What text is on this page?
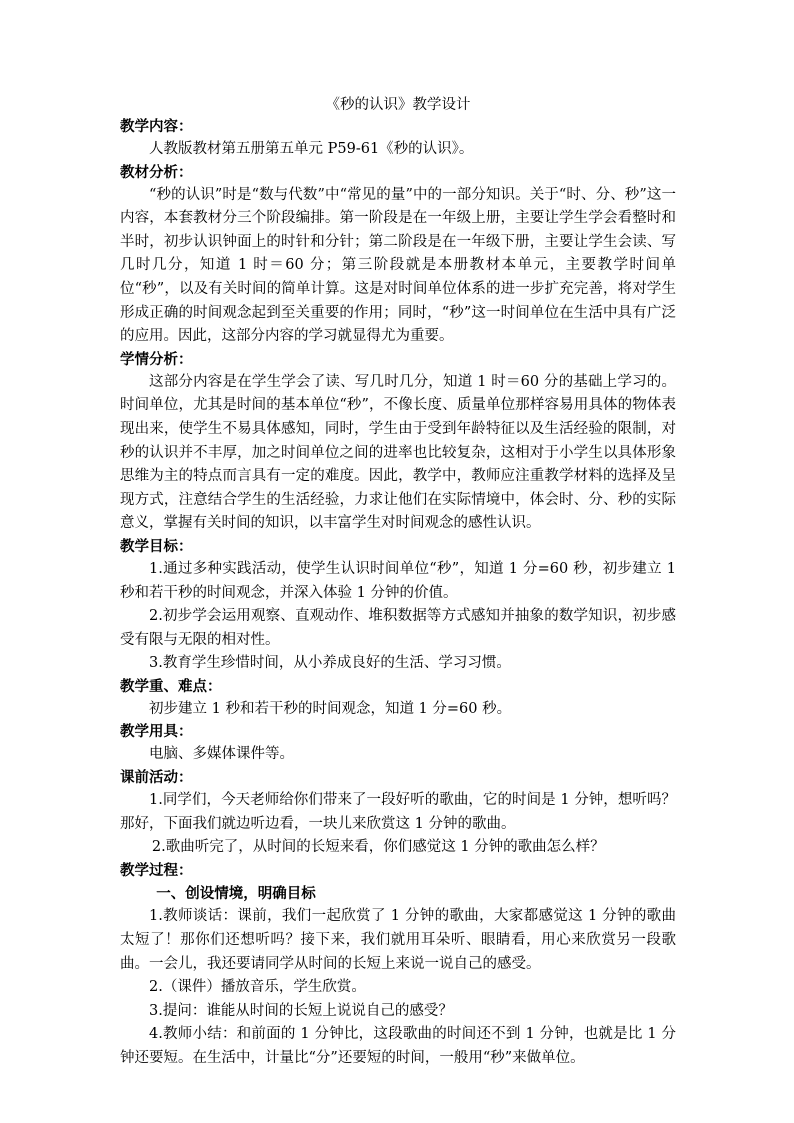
《秒的认识》教学设计

教学内容：

人教版教材第五册第五单元 P59-61《秒的认识》。

教材分析：

“秒的认识”时是“数与代数”中“常见的量”中的一部分知识。关于“时、分、秒”这一内容，本套教材分三个阶段编排。第一阶段是在一年级上册，主要让学生学会看整时和半时，初步认识钟面上的时针和分针；第二阶段是在一年级下册，主要让学生会读、写几时几分，知道 1 时＝60 分；第三阶段就是本册教材本单元，主要教学时间单位“秒”，以及有关时间的简单计算。这是对时间单位体系的进一步扩充完善，将对学生形成正确的时间观念起到至关重要的作用；同时，“秒”这一时间单位在生活中具有广泛的应用。因此，这部分内容的学习就显得尤为重要。

学情分析：

这部分内容是在学生学会了读、写几时几分，知道 1 时＝60 分的基础上学习的。时间单位，尤其是时间的基本单位“秒”，不像长度、质量单位那样容易用具体的物体表现出来，使学生不易具体感知，同时，学生由于受到年龄特征以及生活经验的限制，对秒的认识并不丰厚，加之时间单位之间的进率也比较复杂，这相对于小学生以具体形象思维为主的特点而言具有一定的难度。因此，教学中，教师应注重教学材料的选择及呈现方式，注意结合学生的生活经验，力求让他们在实际情境中，体会时、分、秒的实际意义，掌握有关时间的知识，以丰富学生对时间观念的感性认识。

教学目标：

1.通过多种实践活动，使学生认识时间单位“秒”，知道 1 分=60 秒，初步建立 1 秒和若干秒的时间观念，并深入体验 1 分钟的价值。

2.初步学会运用观察、直观动作、堆积数据等方式感知并抽象的数学知识，初步感受有限与无限的相对性。

3.教育学生珍惜时间，从小养成良好的生活、学习习惯。

教学重、难点：

初步建立 1 秒和若干秒的时间观念，知道 1 分=60 秒。

教学用具：

电脑、多媒体课件等。

课前活动：

1.同学们，今天老师给你们带来了一段好听的歌曲，它的时间是 1 分钟，想听吗？那好，下面我们就边听边看，一块儿来欣赏这 1 分钟的歌曲。

2.歌曲听完了，从时间的长短来看，你们感觉这 1 分钟的歌曲怎么样？

教学过程：

一、创设情境，明确目标

1.教师谈话：课前，我们一起欣赏了 1 分钟的歌曲，大家都感觉这 1 分钟的歌曲太短了！那你们还想听吗？接下来，我们就用耳朵听、眼睛看，用心来欣赏另一段歌曲。一会儿，我还要请同学从时间的长短上来说一说自己的感受。

2.（课件）播放音乐，学生欣赏。

3.提问：谁能从时间的长短上说说自己的感受？

4.教师小结：和前面的 1 分钟比，这段歌曲的时间还不到 1 分钟，也就是比 1 分钟还要短。在生活中，计量比“分”还要短的时间，一般用“秒”来做单位。
